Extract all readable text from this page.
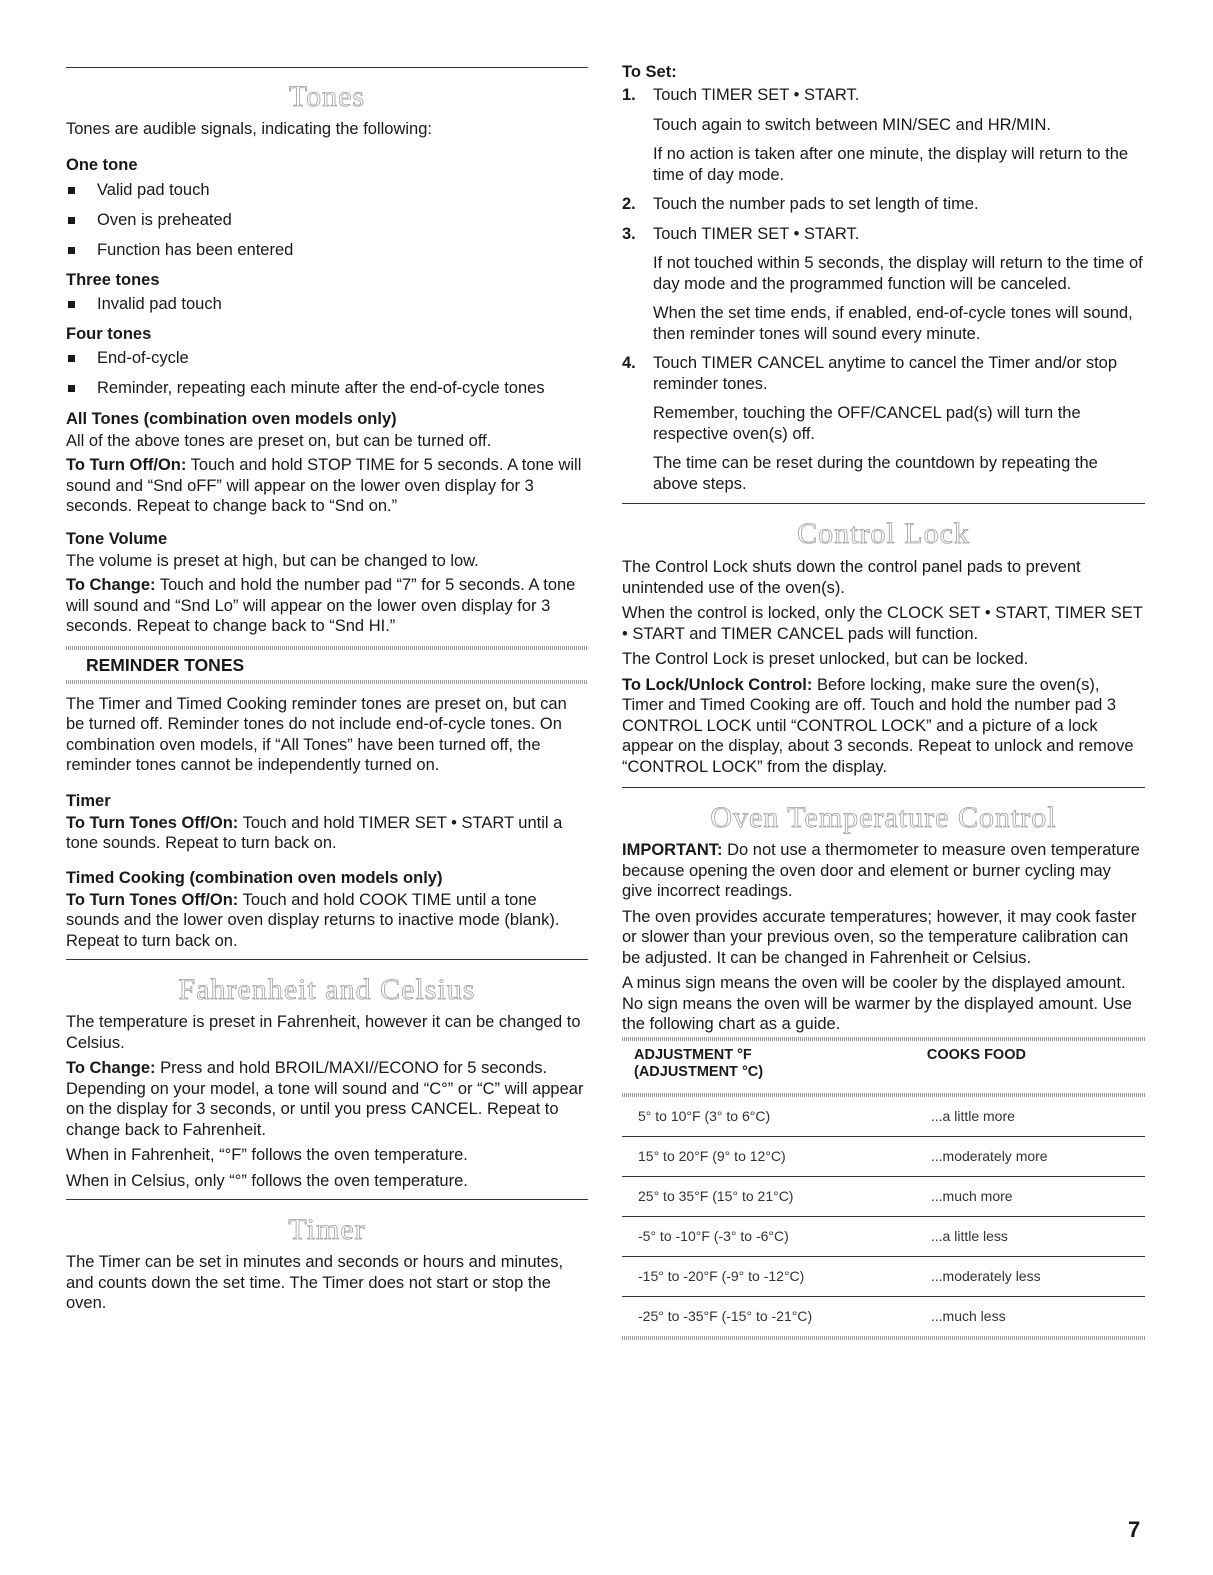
Tones

Tones are audible signals, indicating the following:

One tone
Valid pad touch
Oven is preheated
Function has been entered
Three tones
Invalid pad touch
Four tones
End-of-cycle
Reminder, repeating each minute after the end-of-cycle tones
All Tones (combination oven models only)

All of the above tones are preset on, but can be turned off.

To Turn Off/On: Touch and hold STOP TIME for 5 seconds. A tone will sound and “Snd oFF” will appear on the lower oven display for 3 seconds. Repeat to change back to “Snd on.”

Tone Volume

The volume is preset at high, but can be changed to low.

To Change: Touch and hold the number pad “7” for 5 seconds. A tone will sound and “Snd Lo” will appear on the lower oven display for 3 seconds. Repeat to change back to “Snd HI.”

REMINDER TONES

The Timer and Timed Cooking reminder tones are preset on, but can be turned off. Reminder tones do not include end-of-cycle tones. On combination oven models, if “All Tones” have been turned off, the reminder tones cannot be independently turned on.

Timer

To Turn Tones Off/On: Touch and hold TIMER SET • START until a tone sounds. Repeat to turn back on.

Timed Cooking (combination oven models only)

To Turn Tones Off/On: Touch and hold COOK TIME until a tone sounds and the lower oven display returns to inactive mode (blank). Repeat to turn back on.

Fahrenheit and Celsius

The temperature is preset in Fahrenheit, however it can be changed to Celsius.

To Change: Press and hold BROIL/MAXI//ECONO for 5 seconds. Depending on your model, a tone will sound and “C°” or “C” will appear on the display for 3 seconds, or until you press CANCEL. Repeat to change back to Fahrenheit.

When in Fahrenheit, “°F” follows the oven temperature.

When in Celsius, only “°” follows the oven temperature.

Timer

The Timer can be set in minutes and seconds or hours and minutes, and counts down the set time. The Timer does not start or stop the oven.

To Set:
1. Touch TIMER SET • START.

Touch again to switch between MIN/SEC and HR/MIN.

If no action is taken after one minute, the display will return to the time of day mode.

2. Touch the number pads to set length of time.

3. Touch TIMER SET • START.

If not touched within 5 seconds, the display will return to the time of day mode and the programmed function will be canceled.

When the set time ends, if enabled, end-of-cycle tones will sound, then reminder tones will sound every minute.

4. Touch TIMER CANCEL anytime to cancel the Timer and/or stop reminder tones.

Remember, touching the OFF/CANCEL pad(s) will turn the respective oven(s) off.

The time can be reset during the countdown by repeating the above steps.

Control Lock

The Control Lock shuts down the control panel pads to prevent unintended use of the oven(s).

When the control is locked, only the CLOCK SET • START, TIMER SET • START and TIMER CANCEL pads will function.

The Control Lock is preset unlocked, but can be locked.

To Lock/Unlock Control: Before locking, make sure the oven(s), Timer and Timed Cooking are off. Touch and hold the number pad 3 CONTROL LOCK until “CONTROL LOCK” and a picture of a lock appear on the display, about 3 seconds. Repeat to unlock and remove “CONTROL LOCK” from the display.

Oven Temperature Control

IMPORTANT: Do not use a thermometer to measure oven temperature because opening the oven door and element or burner cycling may give incorrect readings.

The oven provides accurate temperatures; however, it may cook faster or slower than your previous oven, so the temperature calibration can be adjusted. It can be changed in Fahrenheit or Celsius.

A minus sign means the oven will be cooler by the displayed amount. No sign means the oven will be warmer by the displayed amount. Use the following chart as a guide.

ADJUSTMENT °F
(ADJUSTMENT °C)	COOKS FOOD

5° to 10°F (3° to 6°C)	...a little more
15° to 20°F (9° to 12°C)	...moderately more
25° to 35°F (15° to 21°C)	...much more
-5° to -10°F (-3° to -6°C)	...a little less
-15° to -20°F (-9° to -12°C)	...moderately less
-25° to -35°F (-15° to -21°C)	...much less
7
